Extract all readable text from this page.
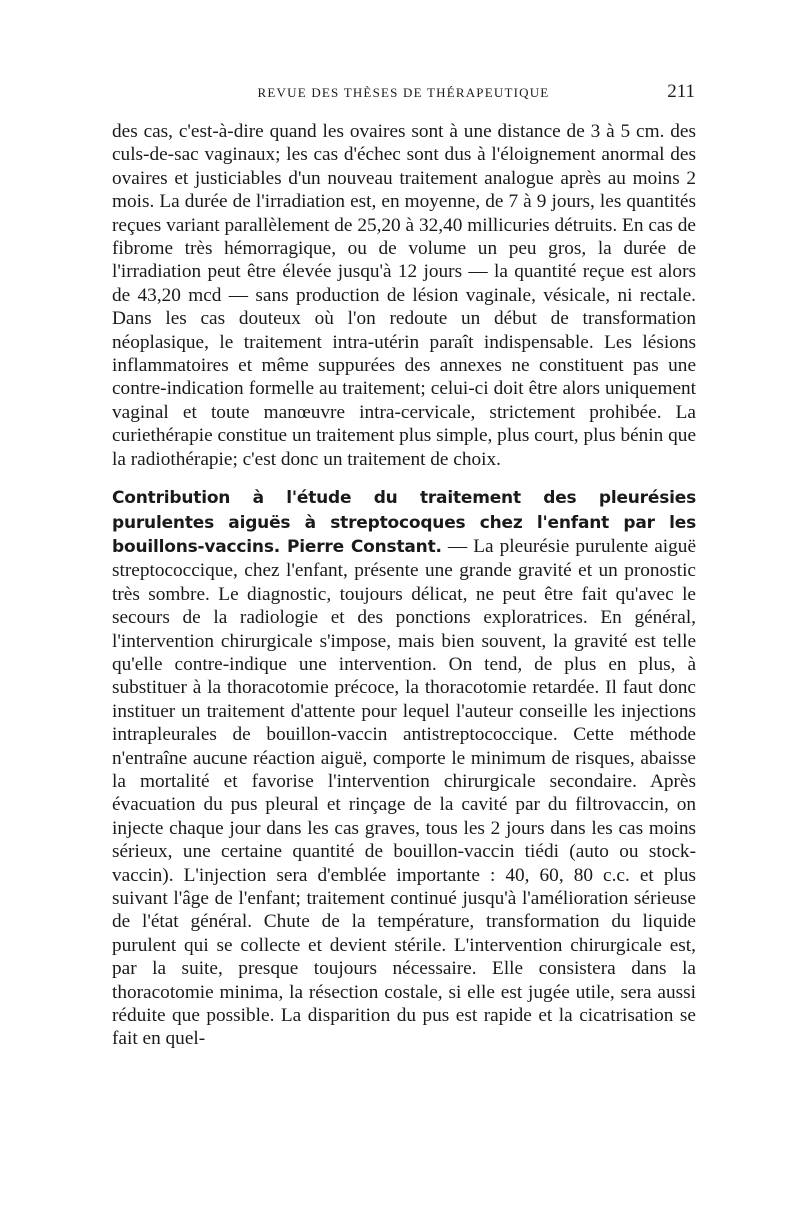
REVUE DES THÈSES DE THÉRAPEUTIQUE	211

des cas, c'est-à-dire quand les ovaires sont à une distance de 3 à 5 cm. des culs-de-sac vaginaux; les cas d'échec sont dus à l'éloignement anormal des ovaires et justiciables d'un nouveau traitement analogue après au moins 2 mois. La durée de l'irradiation est, en moyenne, de 7 à 9 jours, les quantités reçues variant parallèlement de 25,20 à 32,40 millicuries détruits. En cas de fibrome très hémorragique, ou de volume un peu gros, la durée de l'irradiation peut être élevée jusqu'à 12 jours — la quantité reçue est alors de 43,20 mcd — sans production de lésion vaginale, vésicale, ni rectale. Dans les cas douteux où l'on redoute un début de transformation néoplasique, le traitement intra-utérin paraît indispensable. Les lésions inflammatoires et même suppurées des annexes ne constituent pas une contre-indication formelle au traitement; celui-ci doit être alors uniquement vaginal et toute manœuvre intra-cervicale, strictement prohibée. La curiethérapie constitue un traitement plus simple, plus court, plus bénin que la radiothérapie; c'est donc un traitement de choix.

Contribution à l'étude du traitement des pleurésies purulentes aiguës à streptocoques chez l'enfant par les bouillons-vaccins. Pierre Constant. — La pleurésie purulente aiguë streptococcique, chez l'enfant, présente une grande gravité et un pronostic très sombre. Le diagnostic, toujours délicat, ne peut être fait qu'avec le secours de la radiologie et des ponctions exploratrices. En général, l'intervention chirurgicale s'impose, mais bien souvent, la gravité est telle qu'elle contre-indique une intervention. On tend, de plus en plus, à substituer à la thoracotomie précoce, la thoracotomie retardée. Il faut donc instituer un traitement d'attente pour lequel l'auteur conseille les injections intrapleurales de bouillon-vaccin antistreptococcique. Cette méthode n'entraîne aucune réaction aiguë, comporte le minimum de risques, abaisse la mortalité et favorise l'intervention chirurgicale secondaire. Après évacuation du pus pleural et rinçage de la cavité par du filtrovaccin, on injecte chaque jour dans les cas graves, tous les 2 jours dans les cas moins sérieux, une certaine quantité de bouillon-vaccin tiédi (auto ou stock-vaccin). L'injection sera d'emblée importante : 40, 60, 80 c.c. et plus suivant l'âge de l'enfant; traitement continué jusqu'à l'amélioration sérieuse de l'état général. Chute de la température, transformation du liquide purulent qui se collecte et devient stérile. L'intervention chirurgicale est, par la suite, presque toujours nécessaire. Elle consistera dans la thoracotomie minima, la résection costale, si elle est jugée utile, sera aussi réduite que possible. La disparition du pus est rapide et la cicatrisation se fait en quel-
